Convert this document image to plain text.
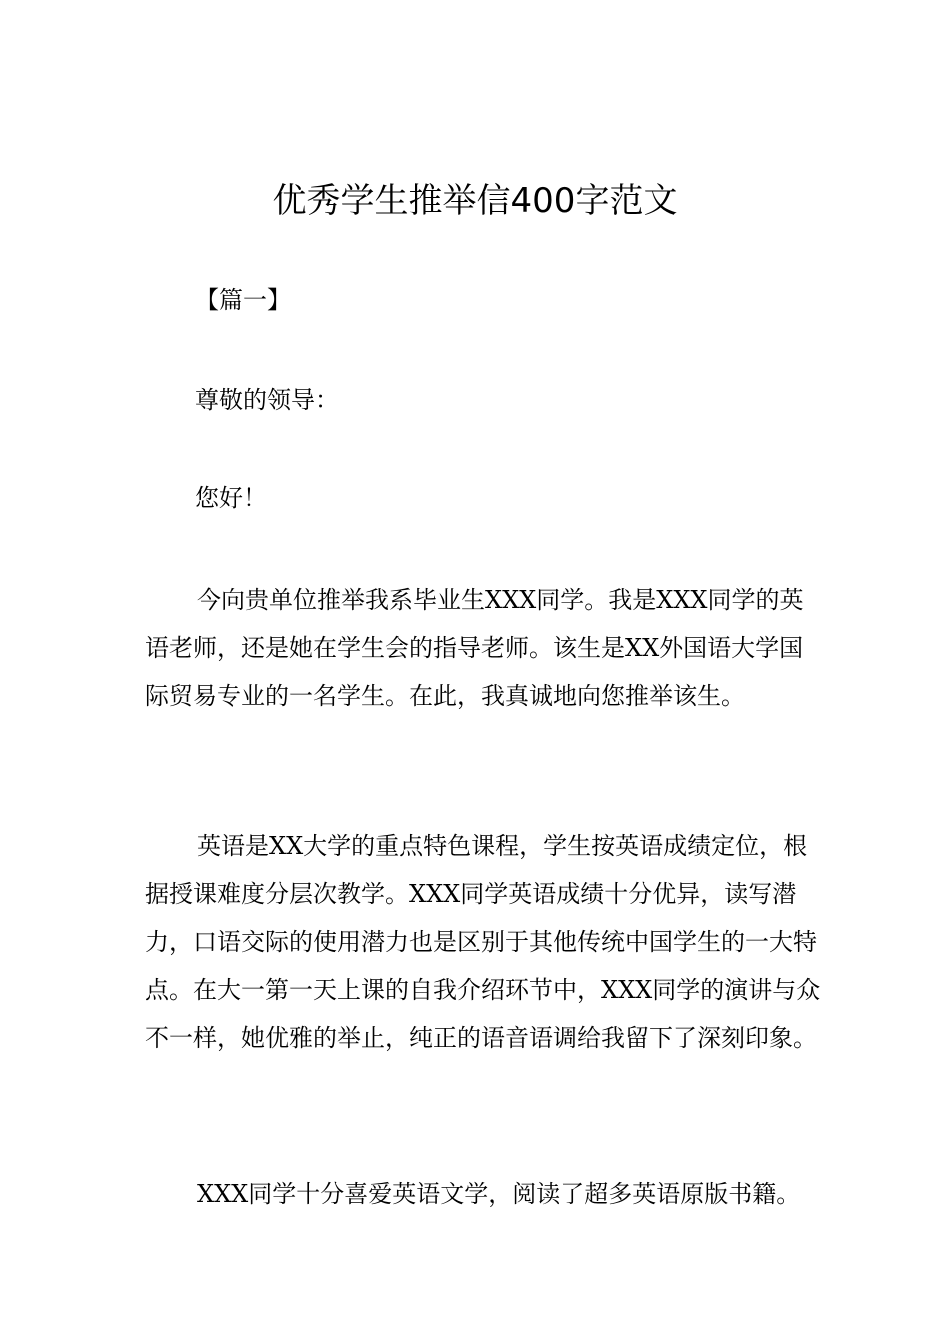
优秀学生推举信400字范文

【篇一】

尊敬的领导：

您好！

今向贵单位推举我系毕业生XXX同学。我是XXX同学的英语老师，还是她在学生会的指导老师。该生是XX外国语大学国际贸易专业的一名学生。在此，我真诚地向您推举该生。

英语是XX大学的重点特色课程，学生按英语成绩定位，根据授课难度分层次教学。XXX同学英语成绩十分优异，读写潜力，口语交际的使用潜力也是区别于其他传统中国学生的一大特点。在大一第一天上课的自我介绍环节中，XXX同学的演讲与众不一样，她优雅的举止，纯正的语音语调给我留下了深刻印象。

XXX同学十分喜爱英语文学，阅读了超多英语原版书籍。
